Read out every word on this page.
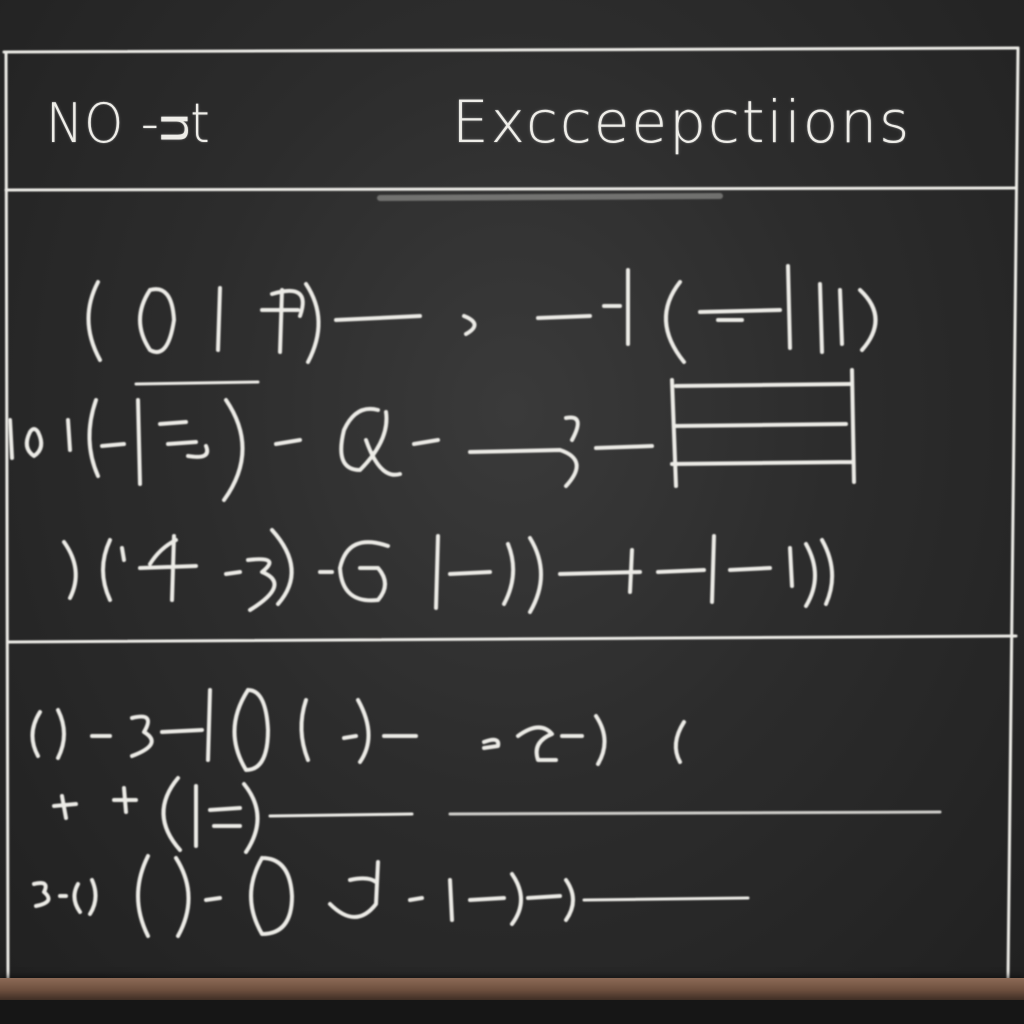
NO -ᴝt	Excceepctiions
